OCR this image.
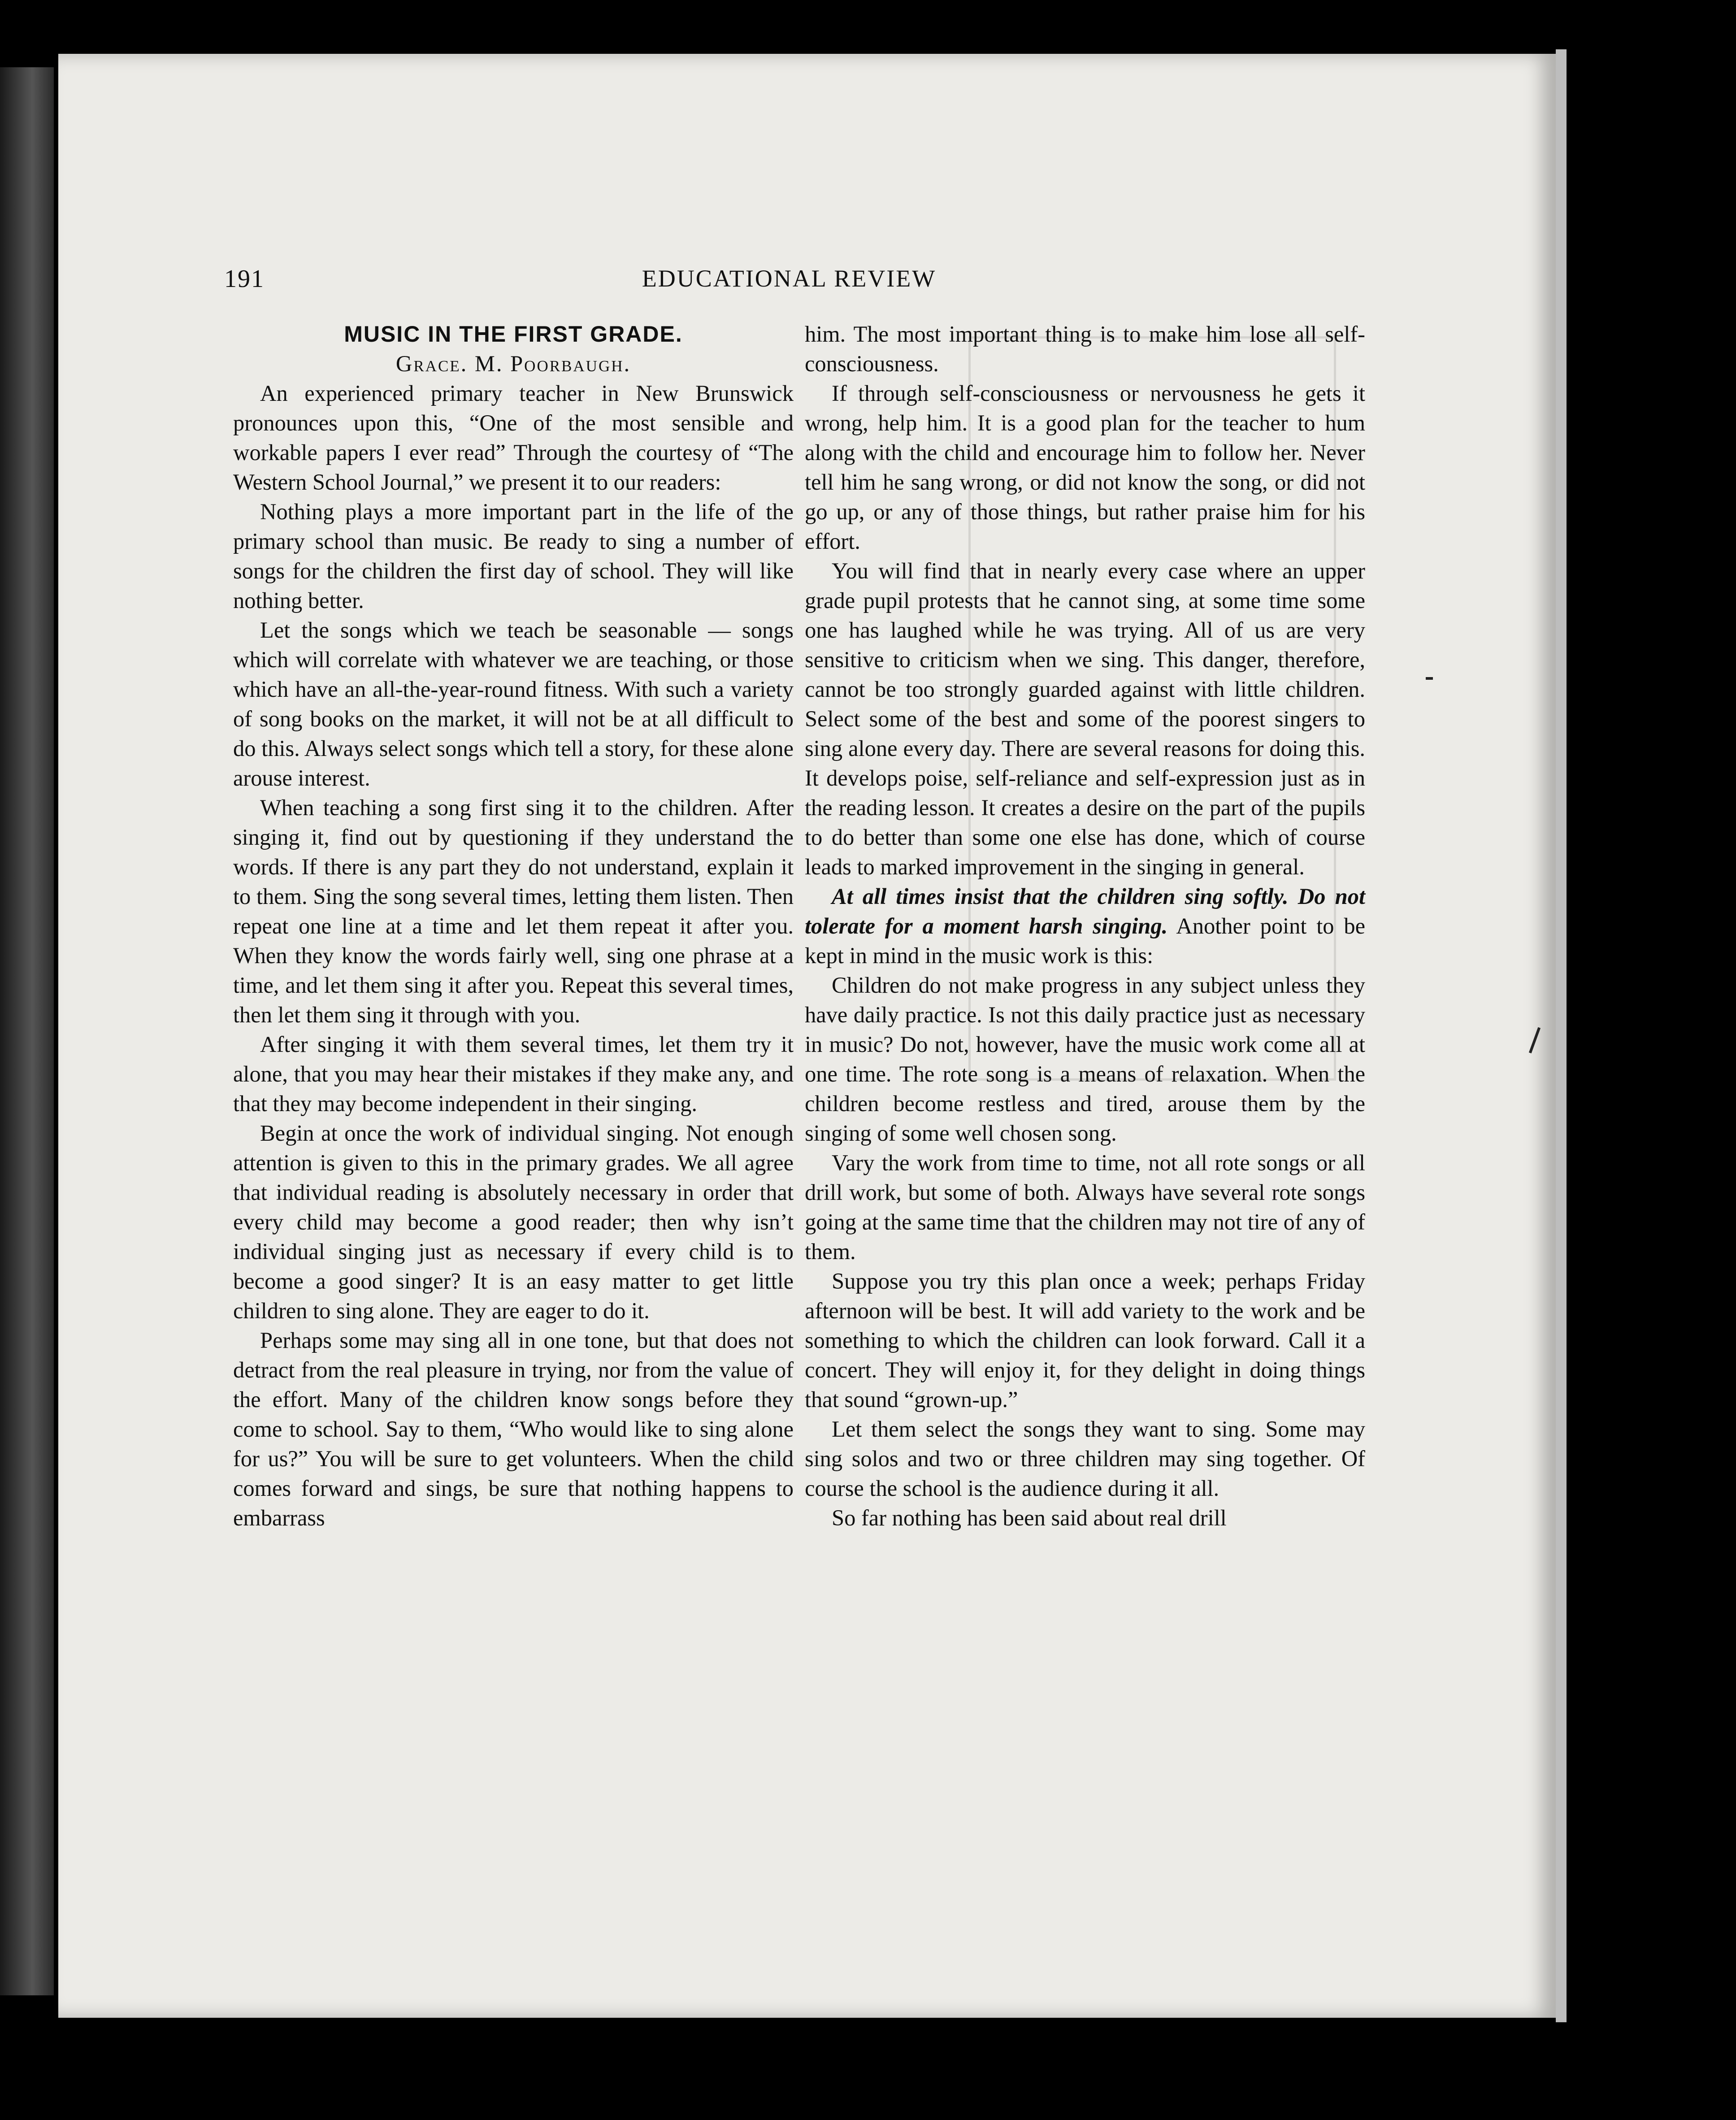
191	EDUCATIONAL REVIEW
MUSIC IN THE FIRST GRADE.

Grace. M. Poorbaugh.

An experienced primary teacher in New Brunswick pronounces upon this, “One of the most sensible and workable papers I ever read” Through the courtesy of “The Western School Journal,” we present it to our readers:

Nothing plays a more important part in the life of the primary school than music. Be ready to sing a number of songs for the children the first day of school. They will like nothing better.

Let the songs which we teach be seasonable — songs which will correlate with whatever we are teaching, or those which have an all-the-year-round fitness. With such a variety of song books on the market, it will not be at all difficult to do this. Always select songs which tell a story, for these alone arouse interest.

When teaching a song first sing it to the children. After singing it, find out by questioning if they understand the words. If there is any part they do not understand, explain it to them. Sing the song several times, letting them listen. Then repeat one line at a time and let them repeat it after you. When they know the words fairly well, sing one phrase at a time, and let them sing it after you. Repeat this several times, then let them sing it through with you.

After singing it with them several times, let them try it alone, that you may hear their mistakes if they make any, and that they may become independent in their singing.

Begin at once the work of individual singing. Not enough attention is given to this in the primary grades. We all agree that individual reading is absolutely necessary in order that every child may become a good reader; then why isn’t individual singing just as necessary if every child is to become a good singer? It is an easy matter to get little children to sing alone. They are eager to do it.

Perhaps some may sing all in one tone, but that does not detract from the real pleasure in trying, nor from the value of the effort. Many of the children know songs before they come to school. Say to them, “Who would like to sing alone for us?” You will be sure to get volunteers. When the child comes forward and sings, be sure that nothing happens to embarrass

him. The most important thing is to make him lose all self-consciousness.

If through self-consciousness or nervousness he gets it wrong, help him. It is a good plan for the teacher to hum along with the child and encourage him to follow her. Never tell him he sang wrong, or did not know the song, or did not go up, or any of those things, but rather praise him for his effort.

You will find that in nearly every case where an upper grade pupil protests that he cannot sing, at some time some one has laughed while he was trying. All of us are very sensitive to criticism when we sing. This danger, therefore, cannot be too strongly guarded against with little children. Select some of the best and some of the poorest singers to sing alone every day. There are several reasons for doing this. It develops poise, self-reliance and self-expression just as in the reading lesson. It creates a desire on the part of the pupils to do better than some one else has done, which of course leads to marked improvement in the singing in general.

At all times insist that the children sing softly. Do not tolerate for a moment harsh singing. Another point to be kept in mind in the music work is this:

Children do not make progress in any subject unless they have daily practice. Is not this daily practice just as necessary in music? Do not, however, have the music work come all at one time. The rote song is a means of relaxation. When the children become restless and tired, arouse them by the singing of some well chosen song.

Vary the work from time to time, not all rote songs or all drill work, but some of both. Always have several rote songs going at the same time that the children may not tire of any of them.

Suppose you try this plan once a week; perhaps Friday afternoon will be best. It will add variety to the work and be something to which the children can look forward. Call it a concert. They will enjoy it, for they delight in doing things that sound “grown-up.”

Let them select the songs they want to sing. Some may sing solos and two or three children may sing together. Of course the school is the audience during it all.

So far nothing has been said about real drill
